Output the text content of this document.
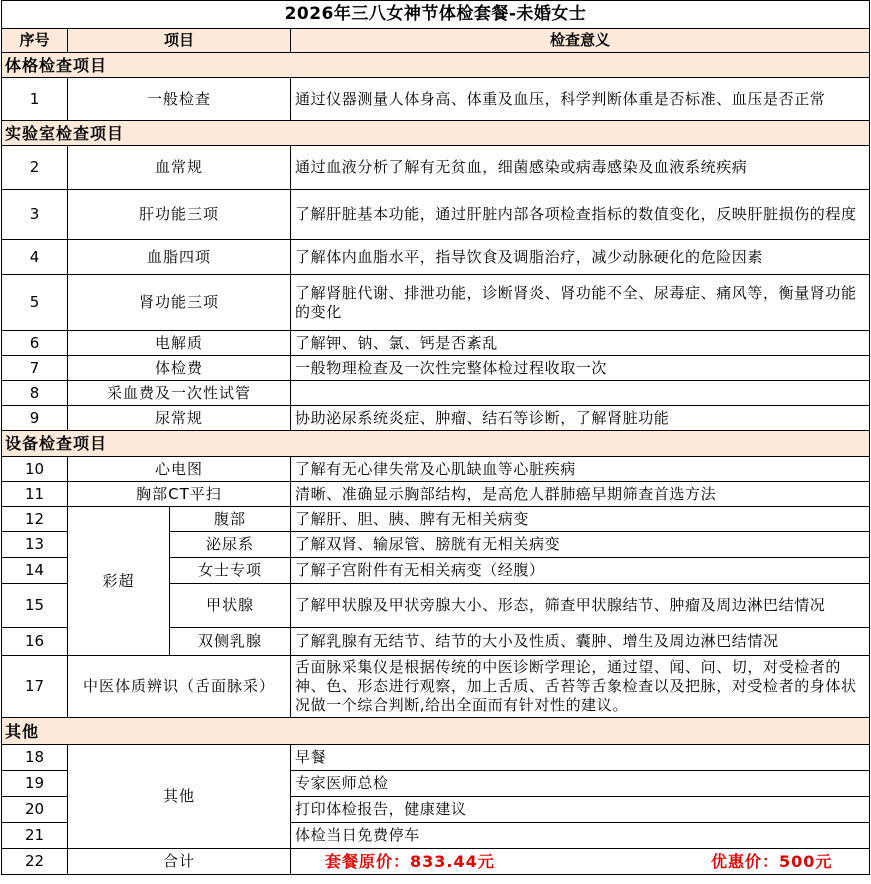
2026年三八女神节体检套餐-未婚女士			
序号	项目		检查意义
体格检查项目			
1	一般检查		通过仪器测量人体身高、体重及血压，科学判断体重是否标准、血压是否正常
实验室检查项目			
2	血常规		通过血液分析了解有无贫血，细菌感染或病毒感染及血液系统疾病
3	肝功能三项		了解肝脏基本功能，通过肝脏内部各项检查指标的数值变化，反映肝脏损伤的程度
4	血脂四项		了解体内血脂水平，指导饮食及调脂治疗，减少动脉硬化的危险因素
5	肾功能三项		了解肾脏代谢、排泄功能，诊断肾炎、肾功能不全、尿毒症、痛风等，衡量肾功能的变化
6	电解质		了解钾、钠、氯、钙是否紊乱
7	体检费		一般物理检查及一次性完整体检过程收取一次
8	采血费及一次性试管		
9	尿常规		协助泌尿系统炎症、肿瘤、结石等诊断，了解肾脏功能
设备检查项目			
10	心电图		了解有无心律失常及心肌缺血等心脏疾病
11	胸部CT平扫		清晰、准确显示胸部结构，是高危人群肺癌早期筛查首选方法
12	彩超	腹部	了解肝、胆、胰、脾有无相关病变
13		泌尿系	了解双肾、输尿管、膀胱有无相关病变
14		女士专项	了解子宫附件有无相关病变（经腹）
15		甲状腺	了解甲状腺及甲状旁腺大小、形态，筛查甲状腺结节、肿瘤及周边淋巴结情况
16		双侧乳腺	了解乳腺有无结节、结节的大小及性质、囊肿、增生及周边淋巴结情况
17	中医体质辨识（舌面脉采）		舌面脉采集仪是根据传统的中医诊断学理论，通过望、闻、问、切，对受检者的神、色、形态进行观察，加上舌质、舌苔等舌象检查以及把脉，对受检者的身体状况做一个综合判断,给出全面而有针对性的建议。
其他			
18	其他		早餐
19			专家医师总检
20			打印体检报告，健康建议
21			体检当日免费停车
22	合计		套餐原价：833.44元 优惠价：500元
